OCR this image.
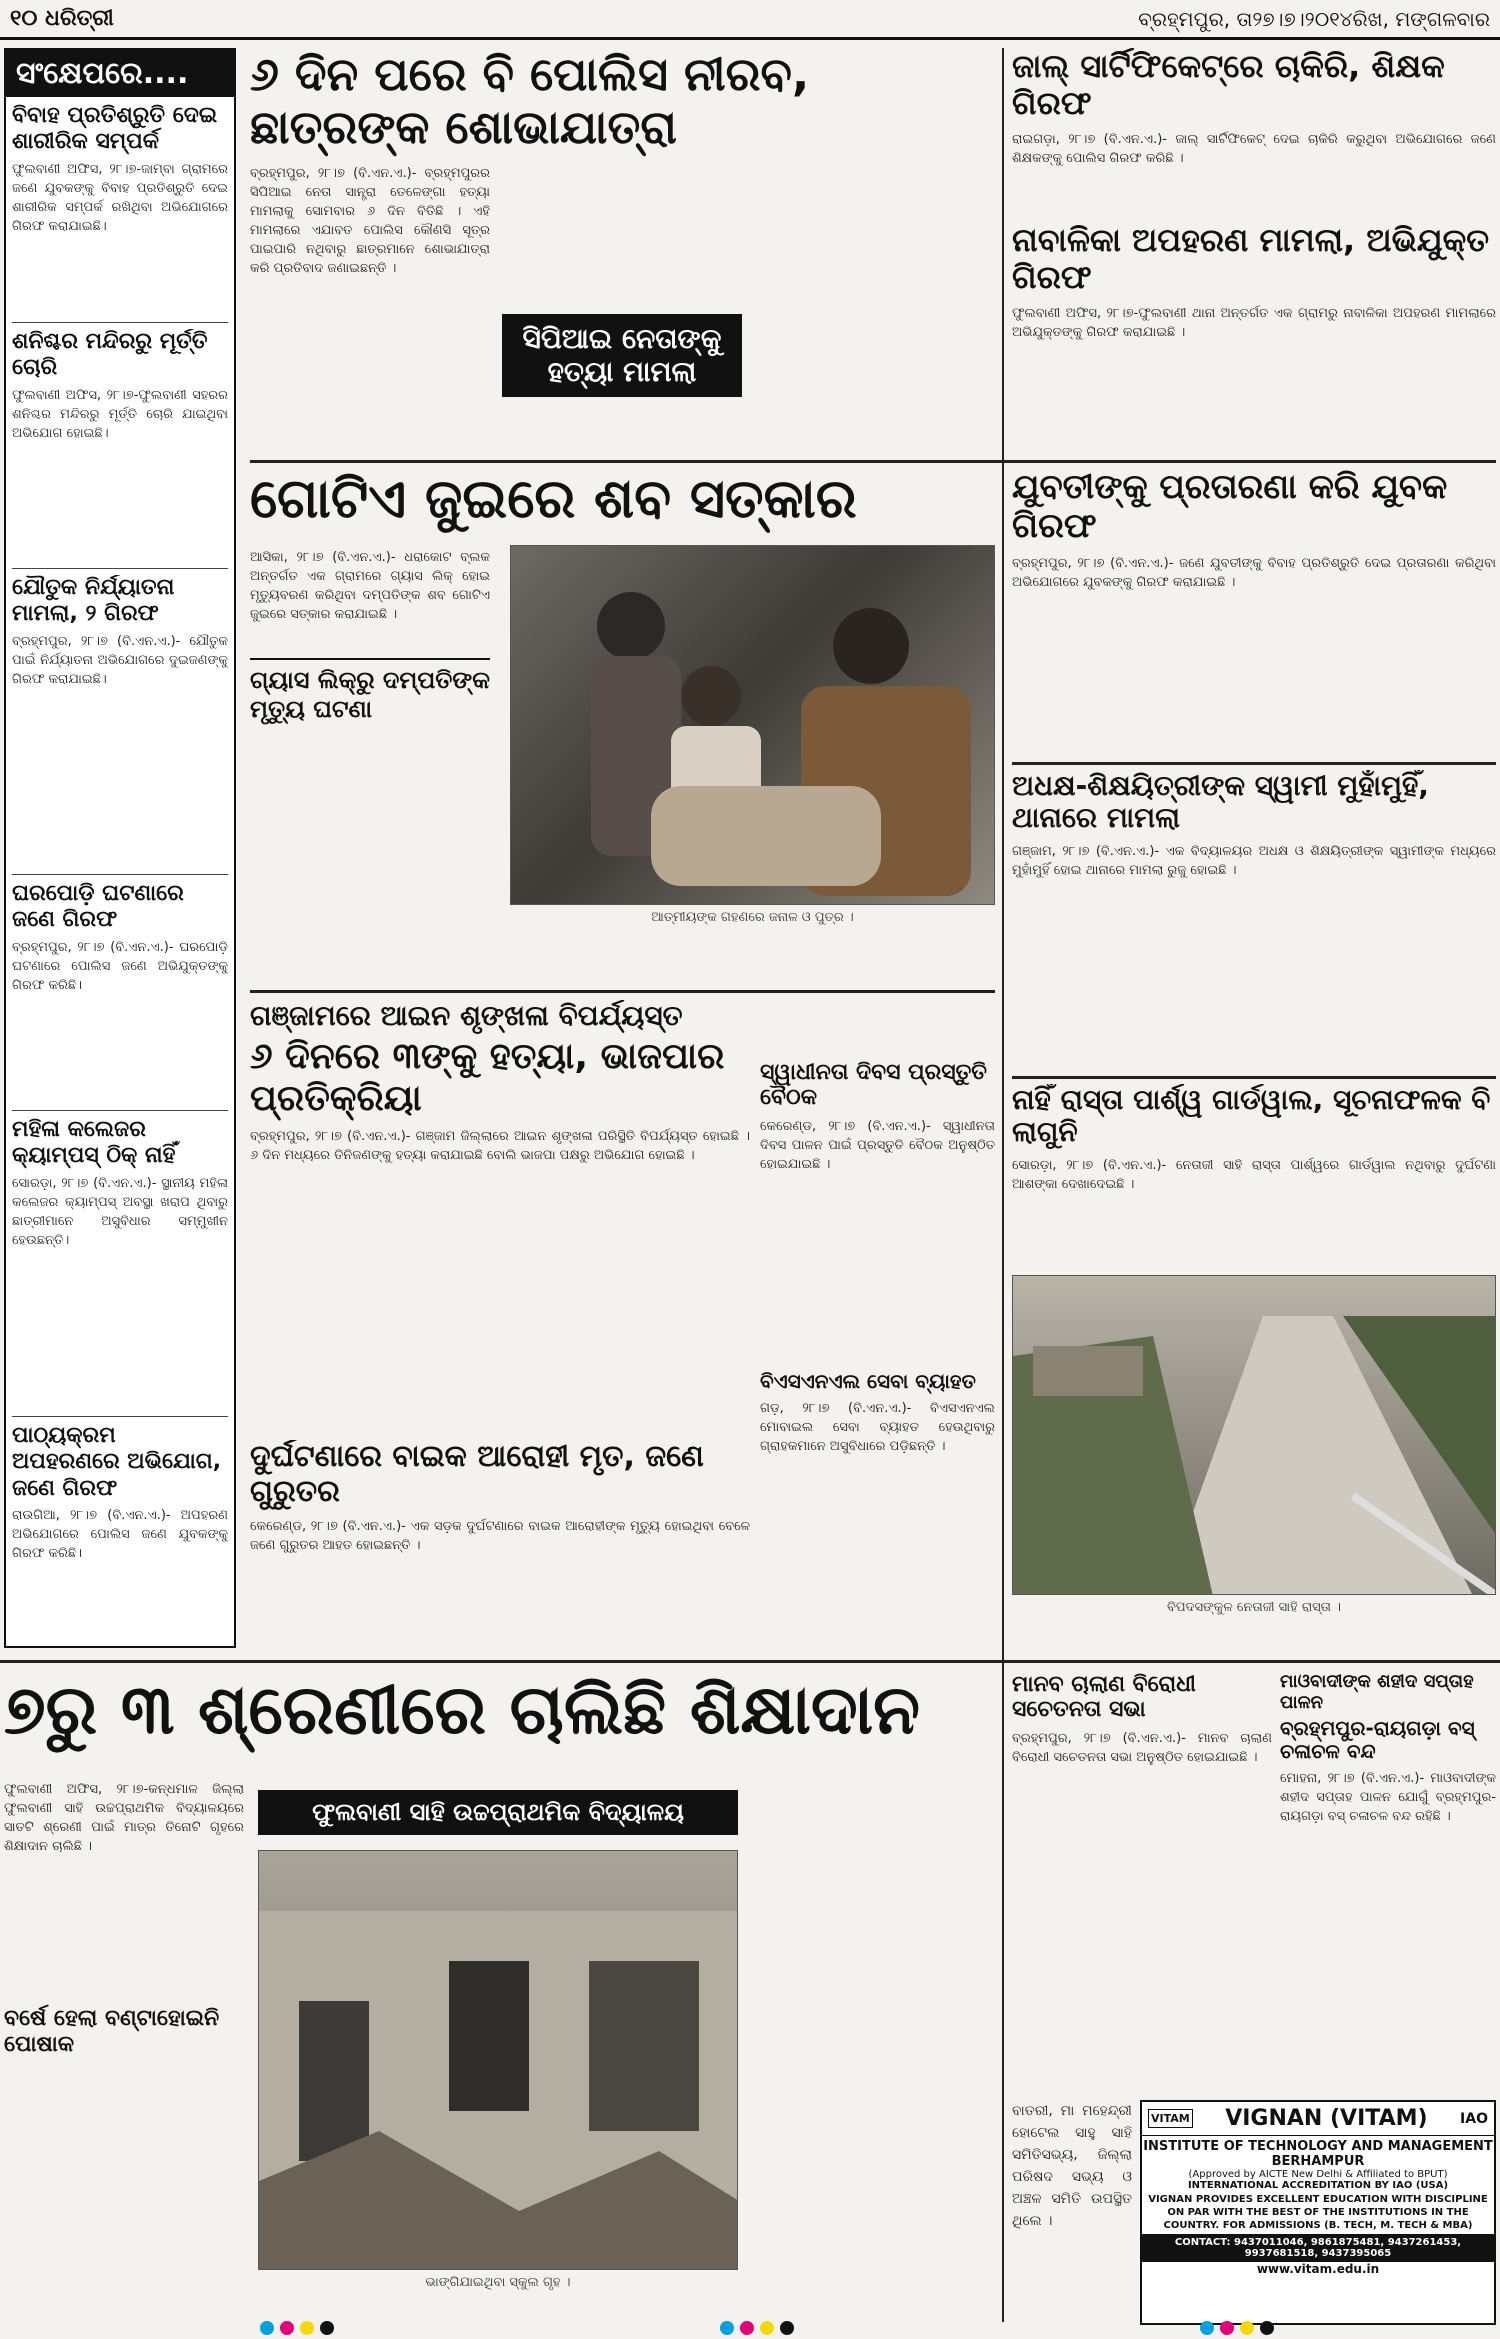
୧୦ ଧରିତ୍ରୀ	ବ୍ରହ୍ମପୁର, ତା୨୭।୭।୨୦୧୪ରିଖ, ମଙ୍ଗଳବାର
ସଂକ୍ଷେପରେ....
ବିବାହ ପ୍ରତିଶ୍ରୁତି ଦେଇ ଶାରୀରିକ ସମ୍ପର୍କ
ଫୁଲବାଣୀ ଅଫିସ, ୨୮।୭-ଜାମ୍ବା ଗ୍ରାମରେ ଜଣେ ଯୁବକଙ୍କୁ ବିବାହ ପ୍ରତିଶ୍ରୁତି ଦେଇ ଶାରୀରିକ ସମ୍ପର୍କ ରଖିଥିବା ଅଭିଯୋଗରେ ଗିରଫ କରାଯାଇଛି।
ଶନିଶ୍ଚର ମନ୍ଦିରରୁ ମୂର୍ତ୍ତି ଚୋରି
ଫୁଲବାଣୀ ଅଫିସ, ୨୮।୭-ଫୁଲବାଣୀ ସହରର ଶନିଶ୍ଚର ମନ୍ଦିରରୁ ମୂର୍ତ୍ତି ଚୋରି ଯାଇଥିବା ଅଭିଯୋଗ ହୋଇଛି।
ଯୌତୁକ ନିର୍ଯ୍ୟାତନା ମାମଲା, ୨ ଗିରଫ
ବ୍ରହ୍ମପୁର, ୨୮।୭ (ବି.ଏନ.ଏ.)- ଯୌତୁକ ପାଇଁ ନିର୍ଯ୍ୟାତନା ଅଭିଯୋଗରେ ଦୁଇଜଣଙ୍କୁ ଗିରଫ କରାଯାଇଛି।
ଘରପୋଡ଼ି ଘଟଣାରେ ଜଣେ ଗିରଫ
ବ୍ରହ୍ମପୁର, ୨୮।୭ (ବି.ଏନ.ଏ.)- ଘରପୋଡ଼ି ଘଟଣାରେ ପୋଲିସ ଜଣେ ଅଭିଯୁକ୍ତଙ୍କୁ ଗିରଫ କରିଛି।
ମହିଳା କଲେଜର କ୍ୟାମ୍ପସ୍ ଠିକ୍ ନାହିଁ
ସୋରଡ଼ା, ୨୮।୭ (ବି.ଏନ.ଏ.)- ସ୍ଥାନୀୟ ମହିଳା କଲେଜର କ୍ୟାମ୍ପସ୍ ଅବସ୍ଥା ଖରାପ ଥିବାରୁ ଛାତ୍ରୀମାନେ ଅସୁବିଧାର ସମ୍ମୁଖୀନ ହେଉଛନ୍ତି।
ପାଠ୍ୟକ୍ରମ ଅପହରଣରେ ଅଭିଯୋଗ, ଜଣେ ଗିରଫ
ରାଉଗିଆ, ୨୮।୭ (ବି.ଏନ.ଏ.)- ଅପହରଣ ଅଭିଯୋଗରେ ପୋଲିସ ଜଣେ ଯୁବକଙ୍କୁ ଗିରଫ କରିଛି।
୬ ଦିନ ପରେ ବି ପୋଲିସ ନୀରବ, ଛାତ୍ରଙ୍କ ଶୋଭାଯାତ୍ରା
ବ୍ରହ୍ମପୁର, ୨୮।୭ (ବି.ଏନ.ଏ.)- ବ୍ରହ୍ମପୁରର ସିପିଆଇ ନେତା ସାନ୍ତ୍ରା ତେଳେଙ୍ଗା ହତ୍ୟା ମାମଲାକୁ ସୋମବାର ୬ ଦିନ ବିତିଛି । ଏହି ମାମଲାରେ ଏଯାବତ ପୋଲିସ କୌଣସି ସୂତ୍ର ପାଇପାରି ନଥିବାରୁ ଛାତ୍ରମାନେ ଶୋଭାଯାତ୍ରା କରି ପ୍ରତିବାଦ ଜଣାଇଛନ୍ତି ।
ସିପିଆଇ ନେତାଙ୍କୁ ହତ୍ୟା ମାମଲା
ଜାଲ୍ ସାର୍ଟିଫିକେଟ୍‌ରେ ଚାକିରି, ଶିକ୍ଷକ ଗିରଫ
ରାଇଗଡ଼ା, ୨୮।୭ (ବି.ଏନ.ଏ.)- ଜାଲ୍ ସାର୍ଟିଫିକେଟ୍ ଦେଇ ଚାକିରି କରୁଥିବା ଅଭିଯୋଗରେ ଜଣେ ଶିକ୍ଷକଙ୍କୁ ପୋଲିସ ଗିରଫ କରିଛି ।
ନାବାଳିକା ଅପହରଣ ମାମଲା, ଅଭିଯୁକ୍ତ ଗିରଫ
ଫୁଲବାଣୀ ଅଫିସ, ୨୮।୭-ଫୁଲବାଣୀ ଥାନା ଅନ୍ତର୍ଗତ ଏକ ଗ୍ରାମରୁ ନାବାଳିକା ଅପହରଣ ମାମଲାରେ ଅଭିଯୁକ୍ତଙ୍କୁ ଗିରଫ କରାଯାଇଛି ।
ଗୋଟିଏ ଜୁଇରେ ଶବ ସତ୍କାର
ଆସିକା, ୨୮।୭ (ବି.ଏନ.ଏ.)- ଧରାକୋଟ ବ୍ଲକ ଅନ୍ତର୍ଗତ ଏକ ଗ୍ରାମରେ ଗ୍ୟାସ ଲିକ୍ ହୋଇ ମୃତ୍ୟୁବରଣ କରିଥିବା ଦମ୍ପତିଙ୍କ ଶବ ଗୋଟିଏ ଜୁଇରେ ସତ୍କାର କରାଯାଇଛି ।
ଗ୍ୟାସ ଲିକ୍‌ରୁ ଦମ୍ପତିଙ୍କ ମୃତ୍ୟୁ ଘଟଣା
ଆତ୍ମୀୟଙ୍କ ଗହଣରେ ଜନାଳ ଓ ପୁତ୍ର ।
ଯୁବତୀଙ୍କୁ ପ୍ରତାରଣା କରି ଯୁବକ ଗିରଫ
ବ୍ରହ୍ମପୁର, ୨୮।୭ (ବି.ଏନ.ଏ.)- ଜଣେ ଯୁବତୀଙ୍କୁ ବିବାହ ପ୍ରତିଶ୍ରୁତି ଦେଇ ପ୍ରତାରଣା କରିଥିବା ଅଭିଯୋଗରେ ଯୁବକଙ୍କୁ ଗିରଫ କରାଯାଇଛି ।
ଅଧକ୍ଷ-ଶିକ୍ଷୟିତ୍ରୀଙ୍କ ସ୍ୱାମୀ ମୁହାଁମୁହିଁ, ଥାନାରେ ମାମଲା
ଗଞ୍ଜାମ, ୨୮।୭ (ବି.ଏନ.ଏ.)- ଏକ ବିଦ୍ୟାଳୟର ଅଧକ୍ଷ ଓ ଶିକ୍ଷୟିତ୍ରୀଙ୍କ ସ୍ୱାମୀଙ୍କ ମଧ୍ୟରେ ମୁହାଁମୁହିଁ ହୋଇ ଥାନାରେ ମାମଲା ରୁଜୁ ହୋଇଛି ।
ଗଞ୍ଜାମରେ ଆଇନ ଶୃଙ୍ଖଳା ବିପର୍ଯ୍ୟସ୍ତ
୬ ଦିନରେ ୩ଙ୍କୁ ହତ୍ୟା, ଭାଜପାର ପ୍ରତିକ୍ରିୟା
ବ୍ରହ୍ମପୁର, ୨୮।୭ (ବି.ଏନ.ଏ.)- ଗଞ୍ଜାମ ଜିଲ୍ଲାରେ ଆଇନ ଶୃଙ୍ଖଳା ପରିସ୍ଥିତି ବିପର୍ଯ୍ୟସ୍ତ ହୋଇଛି । ୬ ଦିନ ମଧ୍ୟରେ ତିନିଜଣଙ୍କୁ ହତ୍ୟା କରାଯାଇଛି ବୋଲି ଭାଜପା ପକ୍ଷରୁ ଅଭିଯୋଗ ହୋଇଛି ।
ସ୍ୱାଧୀନତା ଦିବସ ପ୍ରସ୍ତୁତି ବୈଠକ
କେରେଣ୍ଡ, ୨୮।୭ (ବି.ଏନ.ଏ.)- ସ୍ୱାଧୀନତା ଦିବସ ପାଳନ ପାଇଁ ପ୍ରସ୍ତୁତି ବୈଠକ ଅନୁଷ୍ଠିତ ହୋଇଯାଇଛି ।
ନାହିଁ ରାସ୍ତା ପାର୍ଶ୍ୱ ଗାର୍ଡୱାଲ, ସୂଚନାଫଳକ ବି ଲାଗୁନି
ସୋରଡ଼ା, ୨୮।୭ (ବି.ଏନ.ଏ.)- ନେତାଜୀ ସାହି ରାସ୍ତା ପାର୍ଶ୍ୱରେ ଗାର୍ଡୱାଲ ନଥିବାରୁ ଦୁର୍ଘଟଣା ଆଶଙ୍କା ଦେଖାଦେଇଛି ।
ବିପଦସଙ୍କୁଳ ନେତାଜୀ ସାହି ରାସ୍ତା ।
ବିଏସଏନଏଲ ସେବା ବ୍ୟାହତ
ଗଡ଼, ୨୮।୭ (ବି.ଏନ.ଏ.)- ବିଏସଏନଏଲ ମୋବାଇଲ ସେବା ବ୍ୟାହତ ହେଉଥିବାରୁ ଗ୍ରାହକମାନେ ଅସୁବିଧାରେ ପଡ଼ିଛନ୍ତି ।
ଦୁର୍ଘଟଣାରେ ବାଇକ ଆରୋହୀ ମୃତ, ଜଣେ ଗୁରୁତର
କେରେଣ୍ଡ, ୨୮।୭ (ବି.ଏନ.ଏ.)- ଏକ ସଡ଼କ ଦୁର୍ଘଟଣାରେ ବାଇକ ଆରୋହୀଙ୍କ ମୃତ୍ୟୁ ହୋଇଥିବା ବେଳେ ଜଣେ ଗୁରୁତର ଆହତ ହୋଇଛନ୍ତି ।
୭ରୁ ୩ ଶ୍ରେଣୀରେ ଚାଲିଛି ଶିକ୍ଷାଦାନ
ଫୁଲବାଣୀ ଅଫିସ, ୨୮।୭-କନ୍ଧମାଳ ଜିଲ୍ଲା ଫୁଲବାଣୀ ସାହି ଉଚ୍ଚପ୍ରାଥମିକ ବିଦ୍ୟାଳୟରେ ସାତଟି ଶ୍ରେଣୀ ପାଇଁ ମାତ୍ର ତିନୋଟି ଗୃହରେ ଶିକ୍ଷାଦାନ ଚାଲିଛି ।
ବର୍ଷେ ହେଲା ବଣ୍ଟାହୋଇନି ପୋଷାକ
ଫୁଲବାଣୀ ସାହି ଉଚ୍ଚପ୍ରାଥମିକ ବିଦ୍ୟାଳୟ
ଭାଙ୍ଗିଯାଇଥିବା ସ୍କୁଲ ଗୃହ ।
ମାନବ ଚାଲାଣ ବିରୋଧୀ ସଚେତନତା ସଭା
ବ୍ରହ୍ମପୁର, ୨୮।୭ (ବି.ଏନ.ଏ.)- ମାନବ ଚାଲାଣ ବିରୋଧୀ ସଚେତନତା ସଭା ଅନୁଷ୍ଠିତ ହୋଇଯାଇଛି ।
ମାଓବାଦୀଙ୍କ ଶହୀଦ ସପ୍ତାହ ପାଳନ
ବ୍ରହ୍ମପୁର-ରାୟଗଡ଼ା ବସ୍ ଚଳାଚଳ ବନ୍ଦ
ମୋହନା, ୨୮।୭ (ବି.ଏନ.ଏ.)- ମାଓବାଦୀଙ୍କ ଶହୀଦ ସପ୍ତାହ ପାଳନ ଯୋଗୁଁ ବ୍ରହ୍ମପୁର-ରାୟଗଡ଼ା ବସ୍ ଚଳାଚଳ ବନ୍ଦ ରହିଛି ।
ବାତରୀ, ମା ମହେନ୍ଦ୍ରୀ ହୋଟେଲ ସାହୁ ସାହି ସମିତିସଭ୍ୟ, ଜିଲ୍ଲା ପରିଷଦ ସଭ୍ୟ ଓ ଅଞ୍ଚଳ ସମିତି ଉପସ୍ଥିତ ଥିଲେ ।
VITAM VIGNAN (VITAM) IAO
INSTITUTE OF TECHNOLOGY AND MANAGEMENT
BERHAMPUR
(Approved by AICTE New Delhi & Affiliated to BPUT)
INTERNATIONAL ACCREDITATION BY IAO (USA)
VIGNAN PROVIDES EXCELLENT EDUCATION WITH DISCIPLINE ON PAR WITH THE BEST OF THE INSTITUTIONS IN THE COUNTRY. FOR ADMISSIONS (B. TECH, M. TECH & MBA)
CONTACT: 9437011046, 9861875481, 9437261453, 9937681518, 9437395065
www.vitam.edu.in
